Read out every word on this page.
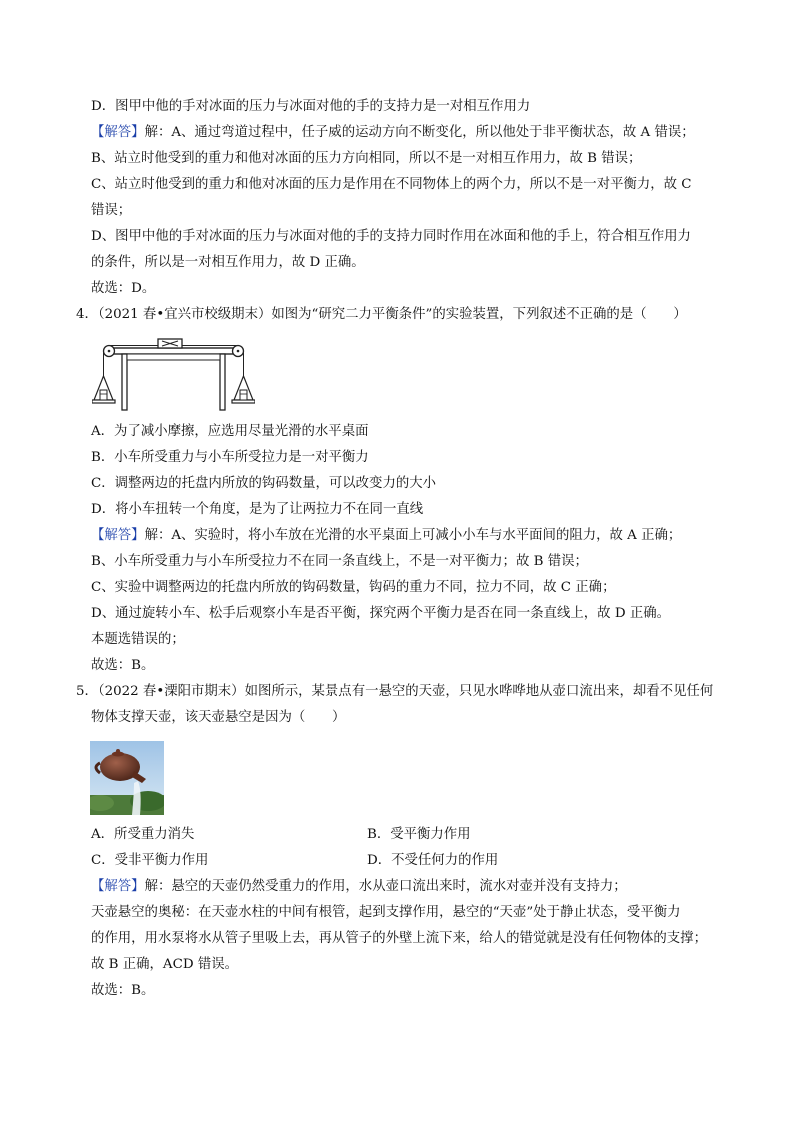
D．图甲中他的手对冰面的压力与冰面对他的手的支持力是一对相互作用力
【解答】解：A、通过弯道过程中，任子威的运动方向不断变化，所以他处于非平衡状态，故 A 错误；
B、站立时他受到的重力和他对冰面的压力方向相同，所以不是一对相互作用力，故 B 错误；
C、站立时他受到的重力和他对冰面的压力是作用在不同物体上的两个力，所以不是一对平衡力，故 C
错误；
D、图甲中他的手对冰面的压力与冰面对他的手的支持力同时作用在冰面和他的手上，符合相互作用力
的条件，所以是一对相互作用力，故 D 正确。
故选：D。
4．（2021 春•宜兴市校级期末）如图为“研究二力平衡条件”的实验装置，下列叙述不正确的是（　　）
A．为了减小摩擦，应选用尽量光滑的水平桌面
B．小车所受重力与小车所受拉力是一对平衡力
C．调整两边的托盘内所放的钩码数量，可以改变力的大小
D．将小车扭转一个角度，是为了让两拉力不在同一直线
【解答】解：A、实验时，将小车放在光滑的水平桌面上可减小小车与水平面间的阻力，故 A 正确；
B、小车所受重力与小车所受拉力不在同一条直线上，不是一对平衡力；故 B 错误；
C、实验中调整两边的托盘内所放的钩码数量，钩码的重力不同，拉力不同，故 C 正确；
D、通过旋转小车、松手后观察小车是否平衡，探究两个平衡力是否在同一条直线上，故 D 正确。
本题选错误的；
故选：B。
5．（2022 春•溧阳市期末）如图所示，某景点有一悬空的天壶，只见水哗哗地从壶口流出来，却看不见任何
物体支撑天壶，该天壶悬空是因为（　　）
A．所受重力消失	B．受平衡力作用
C．受非平衡力作用	D．不受任何力的作用
【解答】解：悬空的天壶仍然受重力的作用，水从壶口流出来时，流水对壶并没有支持力；
天壶悬空的奥秘：在天壶水柱的中间有根管，起到支撑作用，悬空的“天壶”处于静止状态，受平衡力
的作用，用水泵将水从管子里吸上去，再从管子的外壁上流下来，给人的错觉就是没有任何物体的支撑；
故 B 正确，ACD 错误。
故选：B。
